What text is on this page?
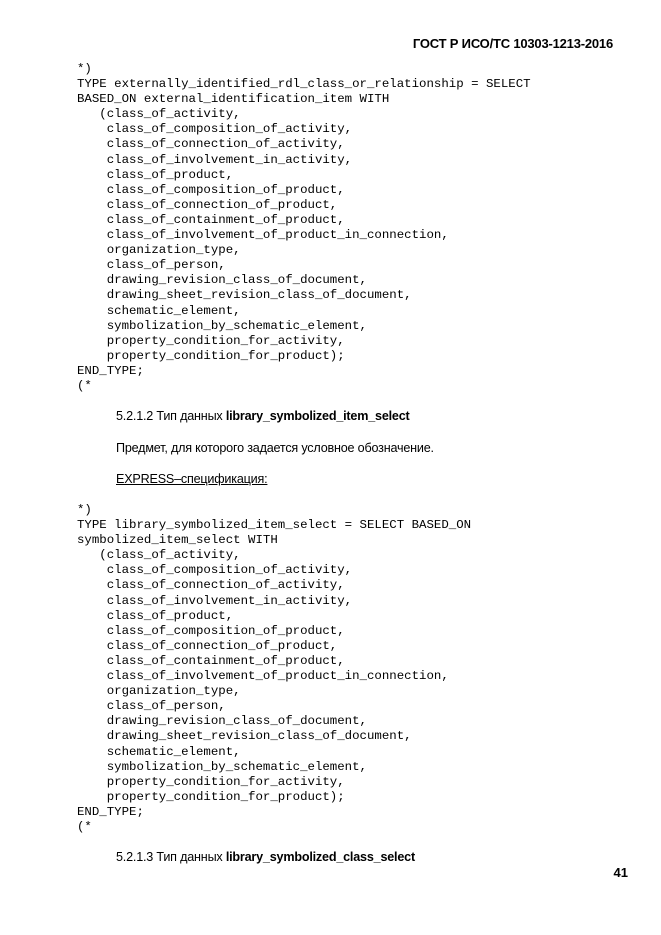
ГОСТ Р ИСО/ТС 10303-1213-2016
*)
TYPE externally_identified_rdl_class_or_relationship = SELECT
BASED_ON external_identification_item WITH
(class_of_activity,
class_of_composition_of_activity,
class_of_connection_of_activity,
class_of_involvement_in_activity,
class_of_product,
class_of_composition_of_product,
class_of_connection_of_product,
class_of_containment_of_product,
class_of_involvement_of_product_in_connection,
organization_type,
class_of_person,
drawing_revision_class_of_document,
drawing_sheet_revision_class_of_document,
schematic_element,
symbolization_by_schematic_element,
property_condition_for_activity,
property_condition_for_product);
END_TYPE;
(*
5.2.1.2 Тип данных library_symbolized_item_select
Предмет, для которого задается условное обозначение.
EXPRESS–спецификация:
*)
TYPE library_symbolized_item_select = SELECT BASED_ON
symbolized_item_select WITH
(class_of_activity,
class_of_composition_of_activity,
class_of_connection_of_activity,
class_of_involvement_in_activity,
class_of_product,
class_of_composition_of_product,
class_of_connection_of_product,
class_of_containment_of_product,
class_of_involvement_of_product_in_connection,
organization_type,
class_of_person,
drawing_revision_class_of_document,
drawing_sheet_revision_class_of_document,
schematic_element,
symbolization_by_schematic_element,
property_condition_for_activity,
property_condition_for_product);
END_TYPE;
(*
5.2.1.3 Тип данных library_symbolized_class_select
41
